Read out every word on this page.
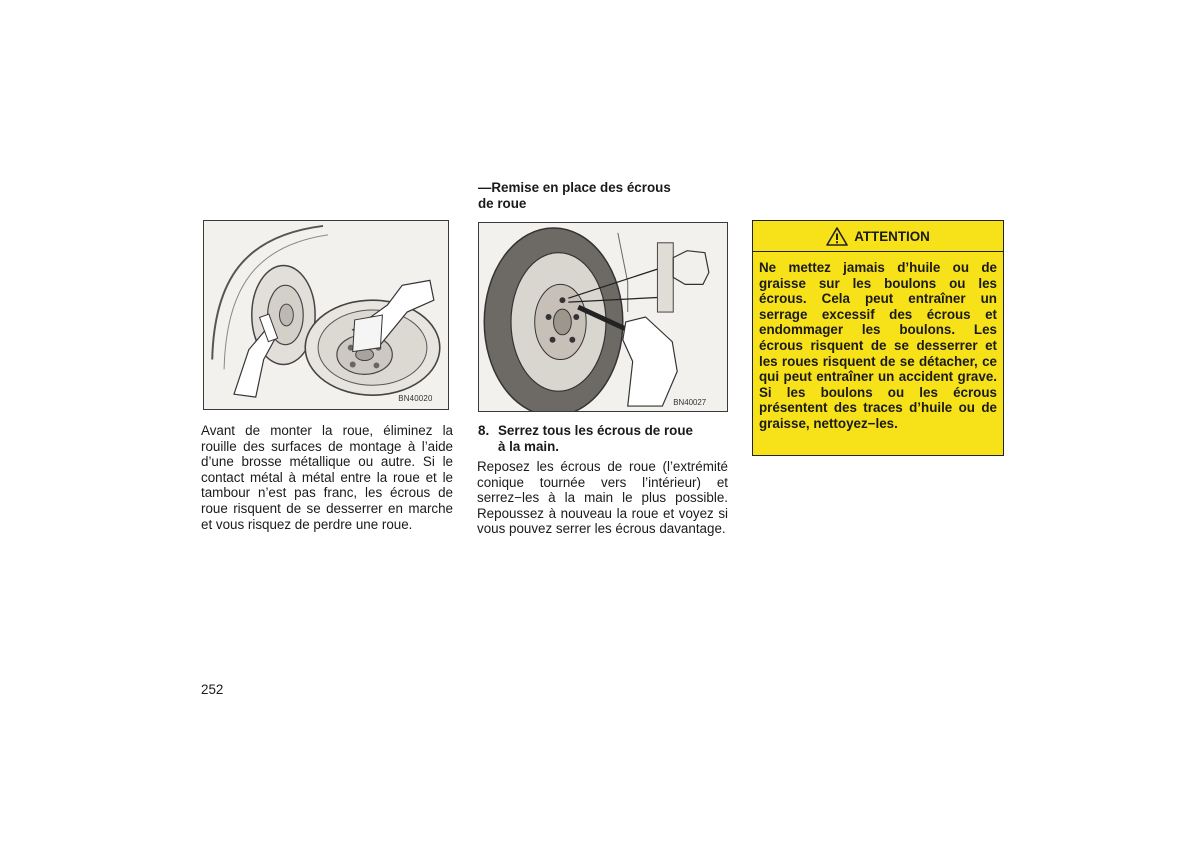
BN40020	BN40027
—Remise en place des écrous
de roue
Avant de monter la roue, éliminez la rouille des surfaces de montage à l’aide d’une brosse métallique ou autre. Si le contact métal à métal entre la roue et le tambour n’est pas franc, les écrous de roue risquent de se desserrer en marche et vous risquez de perdre une roue.
8. Serrez tous les écrous de roue
à la main.
Reposez les écrous de roue (l’extrémité conique tournée vers l’intérieur) et serrez−les à la main le plus possible. Repoussez à nouveau la roue et voyez si vous pouvez serrer les écrous davantage.
ATTENTION
Ne mettez jamais d’huile ou de graisse sur les boulons ou les écrous. Cela peut entraîner un serrage excessif des écrous et endommager les boulons. Les écrous risquent de se desserrer et les roues risquent de se détacher, ce qui peut entraîner un accident grave. Si les boulons ou les écrous présentent des traces d’huile ou de graisse, nettoyez−les.
252
